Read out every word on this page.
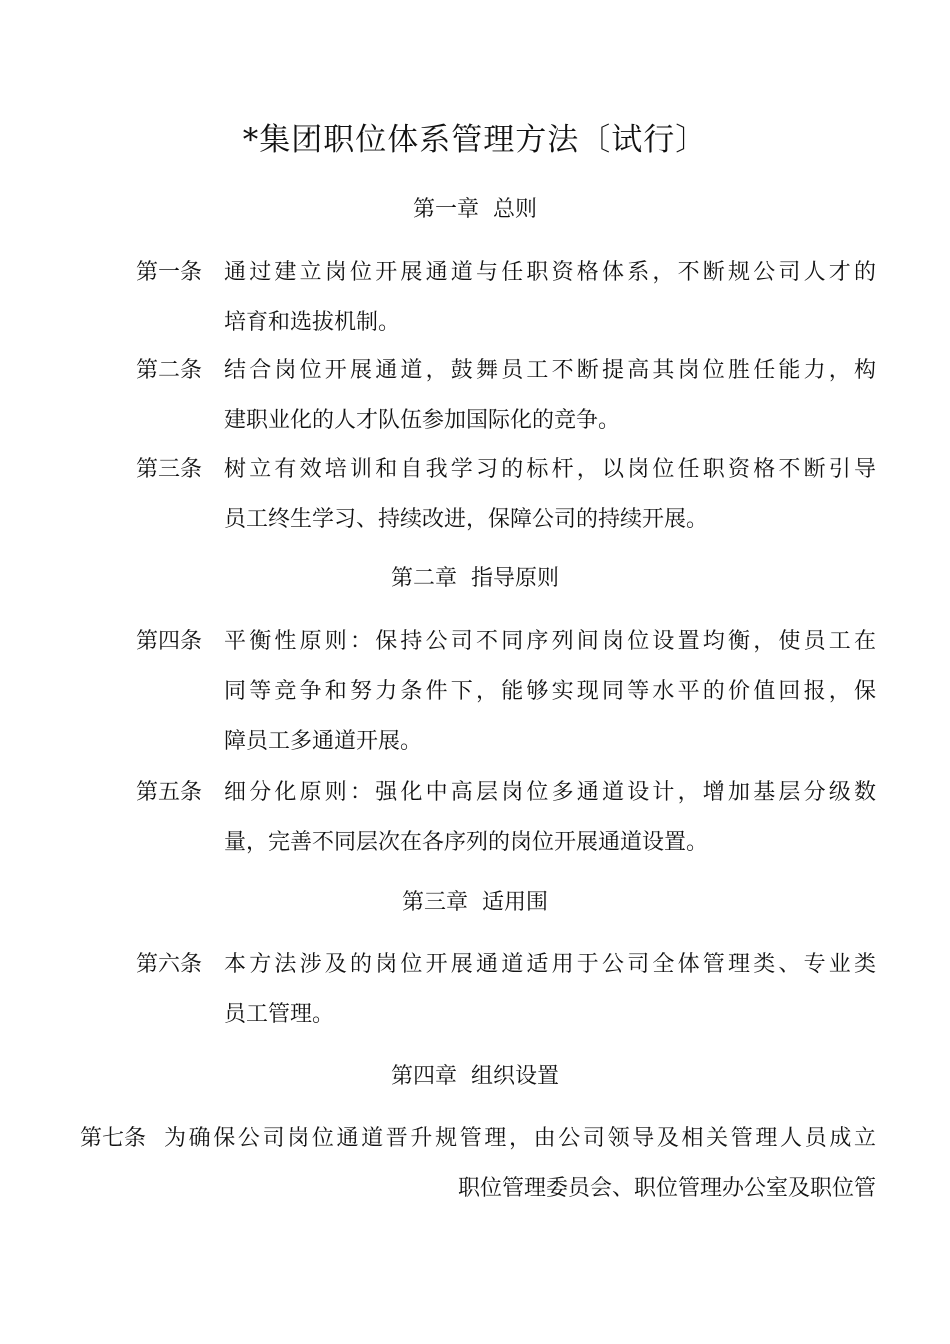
*集团职位体系管理方法〔试行〕
第一章 总则
第一条 通过建立岗位开展通道与任职资格体系，不断规公司人才的
培育和选拔机制。
第二条 结合岗位开展通道，鼓舞员工不断提高其岗位胜任能力，构
建职业化的人才队伍参加国际化的竞争。
第三条 树立有效培训和自我学习的标杆，以岗位任职资格不断引导
员工终生学习、持续改进，保障公司的持续开展。
第二章 指导原则
第四条 平衡性原则：保持公司不同序列间岗位设置均衡，使员工在
同等竞争和努力条件下，能够实现同等水平的价值回报，保
障员工多通道开展。
第五条 细分化原则：强化中高层岗位多通道设计，增加基层分级数
量，完善不同层次在各序列的岗位开展通道设置。
第三章 适用围
第六条 本方法涉及的岗位开展通道适用于公司全体管理类、专业类
员工管理。
第四章 组织设置
第七条 为确保公司岗位通道晋升规管理，由公司领导及相关管理人员成立
职位管理委员会、职位管理办公室及职位管
